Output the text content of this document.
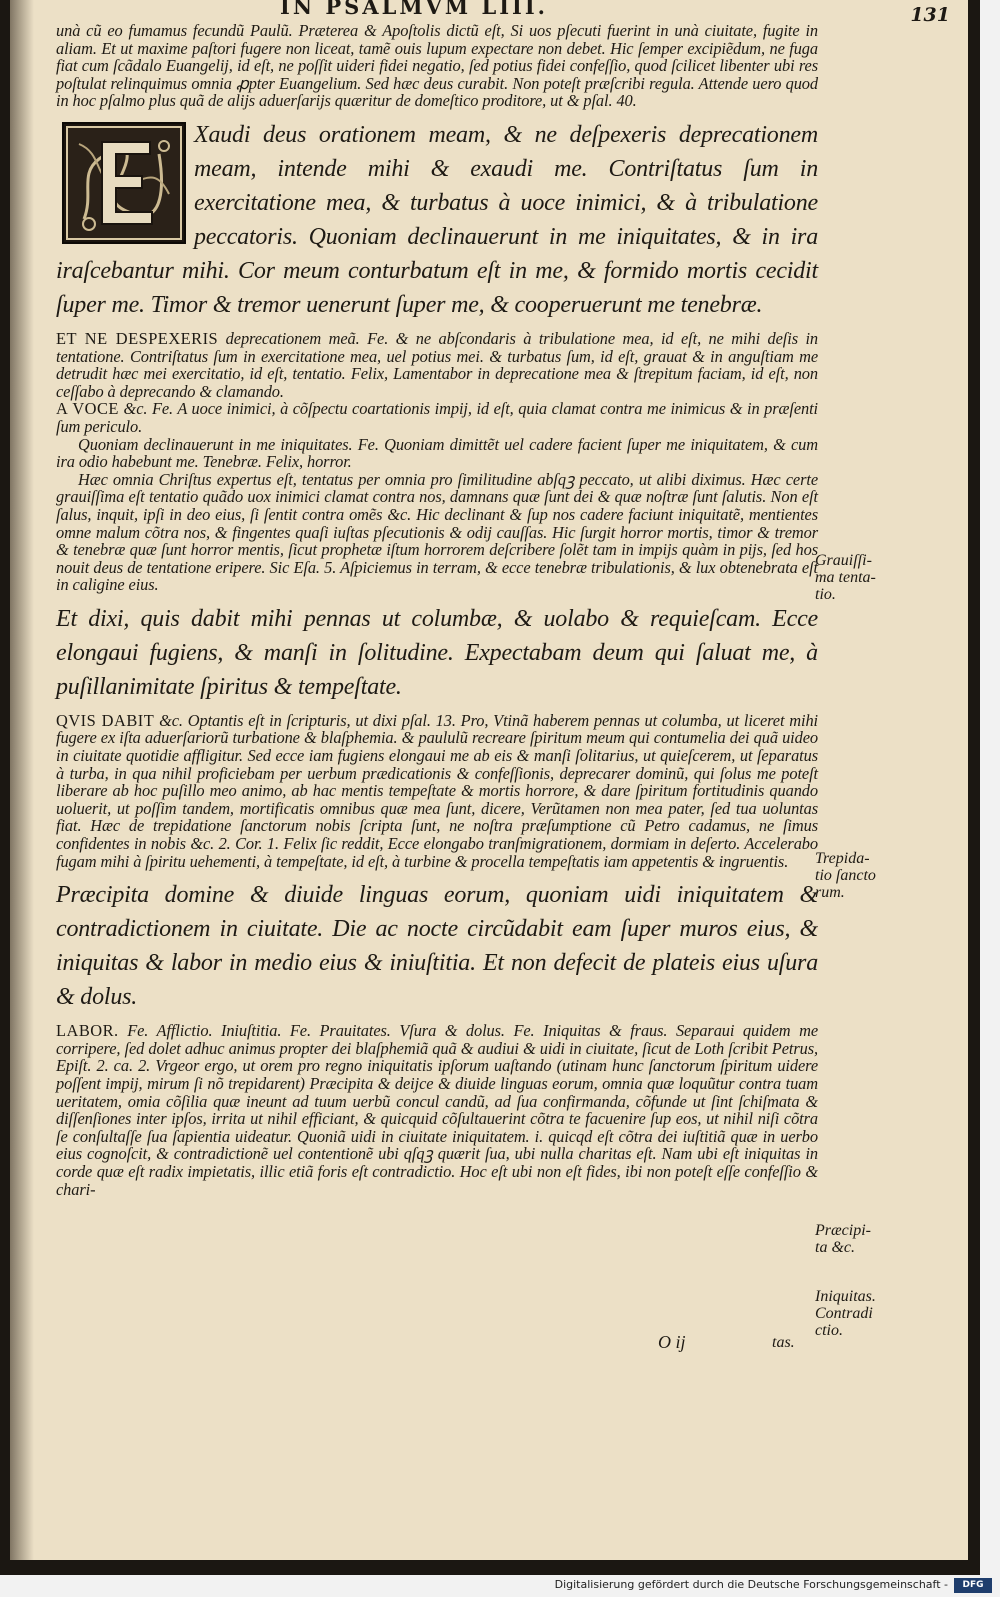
IN PSALMVM LIII.	131

unà cũ eo fumamus fecundũ Paulũ. Præterea & Apoſtolis dictũ eſt, Si uos pſecuti fuerint in unà ciuitate, fugite in aliam. Et ut maxime paſtori fugere non liceat, tamẽ ouis lupum expectare non debet. Hic ſemper excipiẽdum, ne fuga fiat cum ſcãdalo Euangelij, id eſt, ne poſſit uideri fidei negatio, ſed potius fidei confeſſio, quod ſcilicet libenter ubi res poſtulat relinquimus omnia ꝓpter Euangelium. Sed hæc deus curabit. Non poteſt præſcribi regula. Attende uero quod in hoc pſalmo plus quã de alijs aduerſarijs quæritur de domeſtico proditore, ut & pſal. 40.

Xaudi deus orationem meam, & ne deſpexeris deprecationem meam, intende mihi & exaudi me. Contriſtatus ſum in exercitatione mea, & turbatus à uoce inimici, & à tribulatione peccatoris. Quoniam declinauerunt in me iniquitates, & in ira iraſcebantur mihi. Cor meum conturbatum eſt in me, & formido mortis cecidit ſuper me. Timor & tremor uenerunt ſuper me, & cooperuerunt me tenebræ.

ET NE DESPEXERIS deprecationem meã. Fe. & ne abſcondaris à tribulatione mea, id eſt, ne mihi deſis in tentatione. Contriſtatus ſum in exercitatione mea, uel potius mei. & turbatus ſum, id eſt, grauat & in anguſtiam me detrudit hæc mei exercitatio, id eſt, tentatio. Felix, Lamentabor in deprecatione mea & ſtrepitum faciam, id eſt, non ceſſabo à deprecando & clamando.

A VOCE &c. Fe. A uoce inimici, à cõſpectu coartationis impij, id eſt, quia clamat contra me inimicus & in præſenti ſum periculo.

Quoniam declinauerunt in me iniquitates. Fe. Quoniam dimittẽt uel cadere facient ſuper me iniquitatem, & cum ira odio habebunt me. Tenebræ. Felix, horror.

Hæc omnia Chriſtus expertus eſt, tentatus per omnia pro ſimilitudine abſqꝫ peccato, ut alibi diximus. Hæc certe grauiſſima eſt tentatio quãdo uox inimici clamat contra nos, damnans quæ ſunt dei & quæ noſtræ ſunt ſalutis. Non eſt ſalus, inquit, ipſi in deo eius, ſi ſentit contra omẽs &c. Hic declinant & ſup nos cadere faciunt iniquitatẽ, mentientes omne malum cõtra nos, & fingentes quaſi iuſtas pſecutionis & odij cauſſas. Hic ſurgit horror mortis, timor & tremor & tenebræ quæ ſunt horror mentis, ſicut prophetæ iſtum horrorem deſcribere ſolẽt tam in impijs quàm in pijs, ſed hos nouit deus de tentatione eripere. Sic Eſa. 5. Aſpiciemus in terram, & ecce tenebræ tribulationis, & lux obtenebrata eſt in caligine eius.

Et dixi, quis dabit mihi pennas ut columbæ, & uolabo & requieſcam. Ecce elongaui fugiens, & manſi in ſolitudine. Expectabam deum qui ſaluat me, à puſillanimitate ſpiritus & tempeſtate.

QVIS DABIT &c. Optantis eſt in ſcripturis, ut dixi pſal. 13. Pro, Vtinã haberem pennas ut columba, ut liceret mihi fugere ex iſta aduerſariorũ turbatione & blaſphemia. & paululũ recreare ſpiritum meum qui contumelia dei quã uideo in ciuitate quotidie affligitur. Sed ecce iam fugiens elongaui me ab eis & manſi ſolitarius, ut quieſcerem, ut ſeparatus à turba, in qua nihil proficiebam per uerbum prædicationis & confeſſionis, deprecarer dominũ, qui ſolus me poteſt liberare ab hoc puſillo meo animo, ab hac mentis tempeſtate & mortis horrore, & dare ſpiritum fortitudinis quando uoluerit, ut poſſim tandem, mortificatis omnibus quæ mea ſunt, dicere, Verũtamen non mea pater, ſed tua uoluntas fiat. Hæc de trepidatione ſanctorum nobis ſcripta ſunt, ne noſtra præſumptione cũ Petro cadamus, ne ſimus confidentes in nobis &c. 2. Cor. 1. Felix ſic reddit, Ecce elongabo tranſmigrationem, dormiam in deſerto. Accelerabo fugam mihi à ſpiritu uehementi, à tempeſtate, id eſt, à turbine & procella tempeſtatis iam appetentis & ingruentis.

Præcipita domine & diuide linguas eorum, quoniam uidi iniquitatem & contradictionem in ciuitate. Die ac nocte circũdabit eam ſuper muros eius, & iniquitas & labor in medio eius & iniuſtitia. Et non defecit de plateis eius uſura & dolus.

LABOR. Fe. Afflictio. Iniuſtitia. Fe. Prauitates. Vſura & dolus. Fe. Iniquitas & fraus. Separaui quidem me corripere, ſed dolet adhuc animus propter dei blaſphemiã quã & audiui & uidi in ciuitate, ſicut de Loth ſcribit Petrus, Epiſt. 2. ca. 2. Vrgeor ergo, ut orem pro regno iniquitatis ipſorum uaſtando (utinam hunc ſanctorum ſpiritum uidere poſſent impij, mirum ſi nõ trepidarent) Præcipita & deijce & diuide linguas eorum, omnia quæ loquũtur contra tuam ueritatem, omia cõſilia quæ ineunt ad tuum uerbũ concul candũ, ad ſua confirmanda, cõfunde ut ſint ſchiſmata & diſſenſiones inter ipſos, irrita ut nihil efficiant, & quicquid cõſultauerint cõtra te facuenire ſup eos, ut nihil niſi cõtra ſe conſultaſſe ſua ſapientia uideatur. Quoniã uidi in ciuitate iniquitatem. i. quicqd eſt cõtra dei iuſtitiã quæ in uerbo eius cognoſcit, & contradictionẽ uel contentionẽ ubi qſqꝫ quærit ſua, ubi nulla charitas eſt. Nam ubi eſt iniquitas in corde quæ eſt radix impietatis, illic etiã foris eſt contradictio. Hoc eſt ubi non eſt fides, ibi non poteſt eſſe confeſſio & chari-

Grauiſſi-
ma tenta-
tio.
Trepida-
tio ſancto
rum.
Præcipi-
ta &c.
Iniquitas.
Contradi
ctio.
O ij	tas.
Digitalisierung gefördert durch die Deutsche Forschungsgemeinschaft -	DFG
